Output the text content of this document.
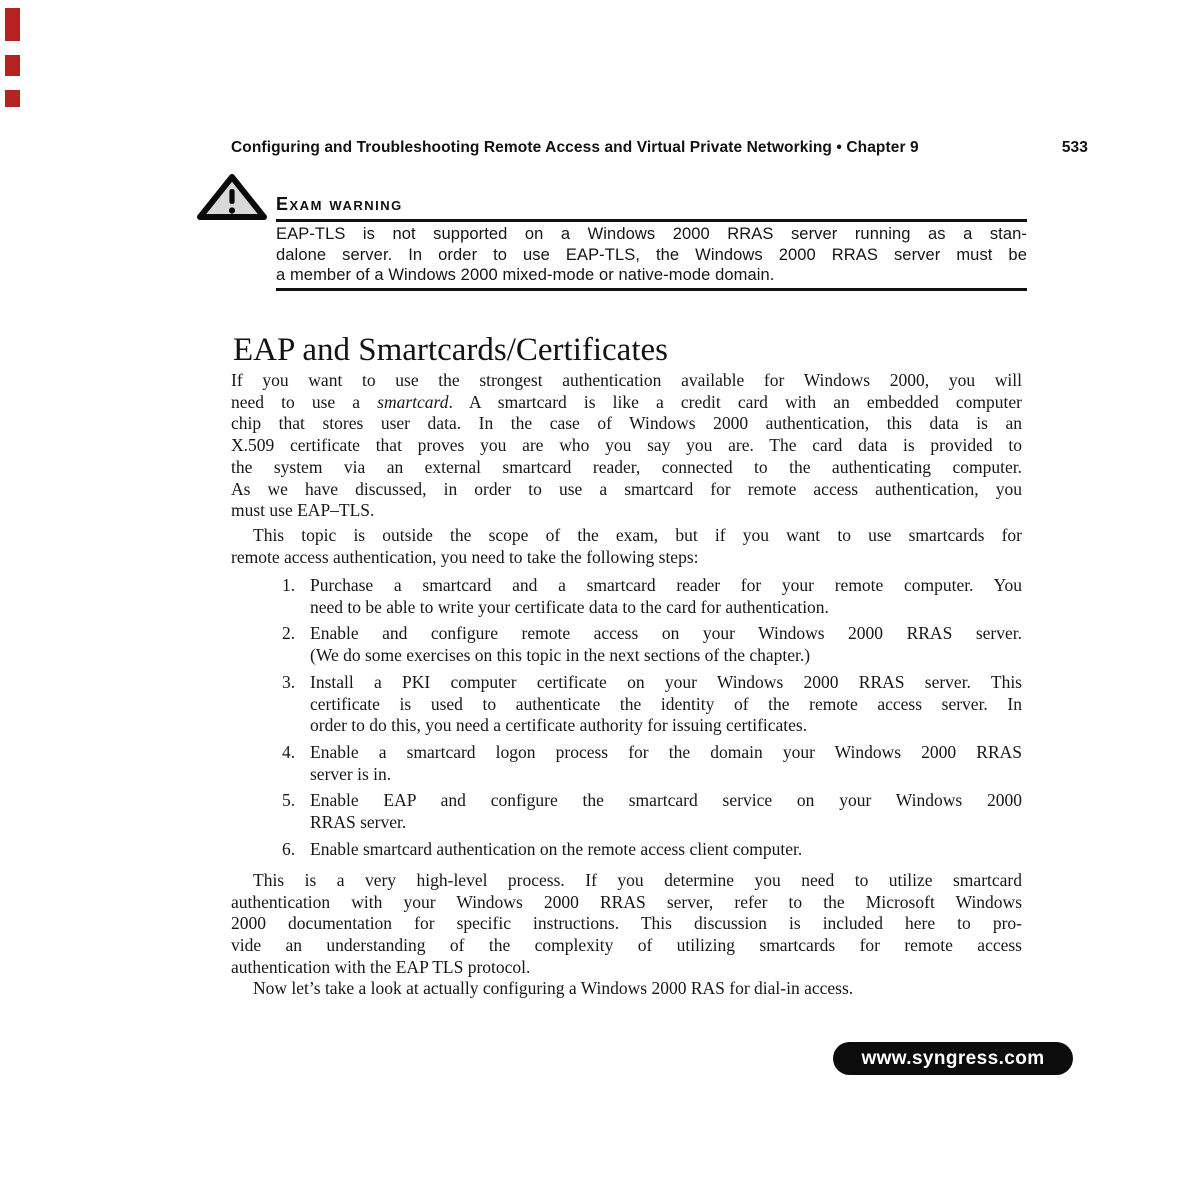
Configuring and Troubleshooting Remote Access and Virtual Private Networking • Chapter 9	533
Exam warning
EAP-TLS is not supported on a Windows 2000 RRAS server running as a stan-
dalone server. In order to use EAP-TLS, the Windows 2000 RRAS server must be
a member of a Windows 2000 mixed-mode or native-mode domain.
EAP and Smartcards/Certificates
If you want to use the strongest authentication available for Windows 2000, you will
need to use a smartcard. A smartcard is like a credit card with an embedded computer
chip that stores user data. In the case of Windows 2000 authentication, this data is an
X.509 certificate that proves you are who you say you are. The card data is provided to
the system via an external smartcard reader, connected to the authenticating computer.
As we have discussed, in order to use a smartcard for remote access authentication, you
must use EAP–TLS.
This topic is outside the scope of the exam, but if you want to use smartcards for
remote access authentication, you need to take the following steps:
1. Purchase a smartcard and a smartcard reader for your remote computer. You
need to be able to write your certificate data to the card for authentication.
2. Enable and configure remote access on your Windows 2000 RRAS server.
(We do some exercises on this topic in the next sections of the chapter.)
3. Install a PKI computer certificate on your Windows 2000 RRAS server. This
certificate is used to authenticate the identity of the remote access server. In
order to do this, you need a certificate authority for issuing certificates.
4. Enable a smartcard logon process for the domain your Windows 2000 RRAS
server is in.
5. Enable EAP and configure the smartcard service on your Windows 2000
RRAS server.
6. Enable smartcard authentication on the remote access client computer.
This is a very high-level process. If you determine you need to utilize smartcard
authentication with your Windows 2000 RRAS server, refer to the Microsoft Windows
2000 documentation for specific instructions. This discussion is included here to pro-
vide an understanding of the complexity of utilizing smartcards for remote access
authentication with the EAP TLS protocol.
Now let’s take a look at actually configuring a Windows 2000 RAS for dial-in access.
www.syngress.com
